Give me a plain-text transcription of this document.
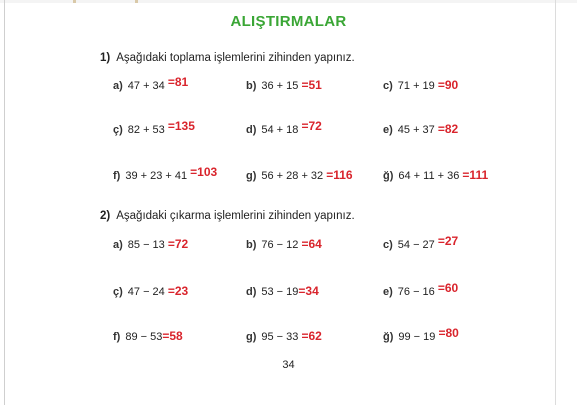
ALIŞTIRMALAR
1) Aşağıdaki toplama işlemlerini zihinden yapınız.
a) 47 + 34 =81	b) 36 + 15 =51	c) 71 + 19 =90
ç) 82 + 53 =135	d) 54 + 18 =72	e) 45 + 37 =82
f) 39 + 23 + 41 =103	g) 56 + 28 + 32 =116	ğ) 64 + 11 + 36 =111
2) Aşağıdaki çıkarma işlemlerini zihinden yapınız.
a) 85 − 13 =72	b) 76 − 12 =64	c) 54 − 27 =27
ç) 47 − 24 =23	d) 53 − 19=34	e) 76 − 16 =60
f) 89 − 53=58	g) 95 − 33 =62	ğ) 99 − 19 =80
34
